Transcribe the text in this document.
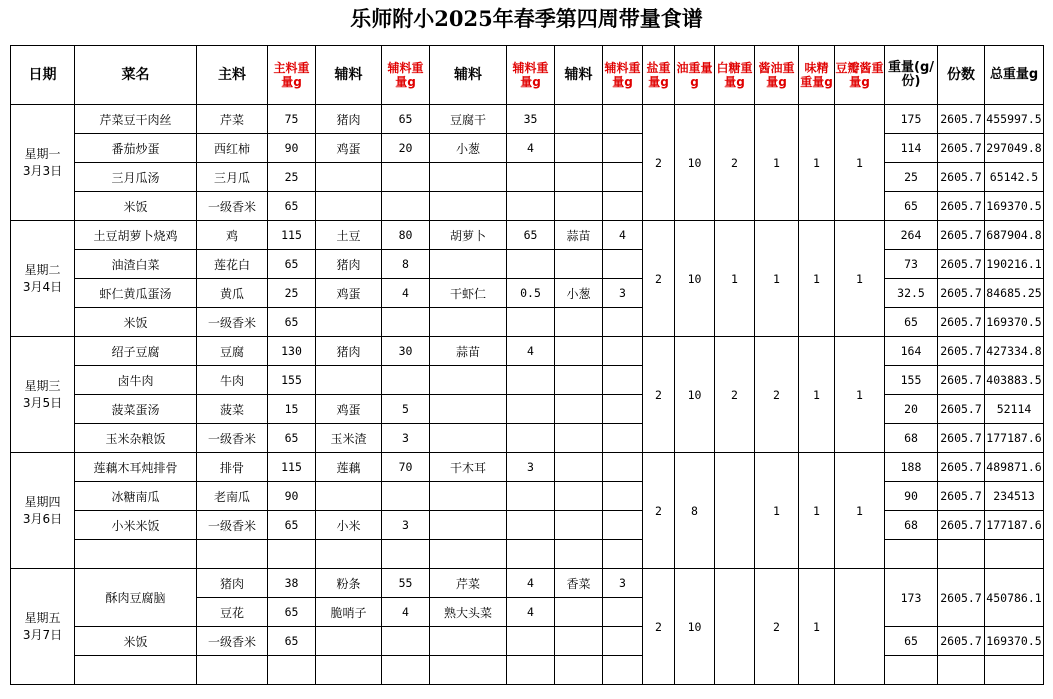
乐师附小2025年春季第四周带量食谱
日期	菜名	主料	主料重量g	辅料	辅料重量g	辅料	辅料重量g	辅料	辅料重量g	盐重量g	油重量g	白糖重量g	酱油重量g	味精重量g	豆瓣酱重量g	重量(g/份)	份数	总重量g

星期一
3月3日	芹菜豆干肉丝	芹菜	75	猪肉	65	豆腐干	35			2	10	2	1	1	1	175	2605.7	455997.5
	番茄炒蛋	西红柿	90	鸡蛋	20	小葱	4									114	2605.7	297049.8
	三月瓜汤	三月瓜	25													25	2605.7	65142.5
	米饭	一级香米	65													65	2605.7	169370.5

星期二
3月4日	土豆胡萝卜烧鸡	鸡	115	土豆	80	胡萝卜	65	蒜苗	4	2	10	1	1	1	1	264	2605.7	687904.8
	油渣白菜	莲花白	65	猪肉	8											73	2605.7	190216.1
	虾仁黄瓜蛋汤	黄瓜	25	鸡蛋	4	干虾仁	0.5	小葱	3							32.5	2605.7	84685.25
	米饭	一级香米	65													65	2605.7	169370.5

星期三
3月5日	绍子豆腐	豆腐	130	猪肉	30	蒜苗	4			2	10	2	2	1	1	164	2605.7	427334.8
	卤牛肉	牛肉	155													155	2605.7	403883.5
	菠菜蛋汤	菠菜	15	鸡蛋	5											20	2605.7	52114
	玉米杂粮饭	一级香米	65	玉米渣	3											68	2605.7	177187.6

星期四
3月6日	莲藕木耳炖排骨	排骨	115	莲藕	70	干木耳	3			2	8		1	1	1	188	2605.7	489871.6
	冰糖南瓜	老南瓜	90													90	2605.7	234513
	小米米饭	一级香米	65	小米	3											68	2605.7	177187.6

星期五
3月7日	酥肉豆腐脑	猪肉	38	粉条	55	芹菜	4	香菜	3	2	10		2	1		173	2605.7	450786.1
		豆花	65	脆哨子	4	熟大头菜	4											
	米饭	一级香米	65													65	2605.7	169370.5
